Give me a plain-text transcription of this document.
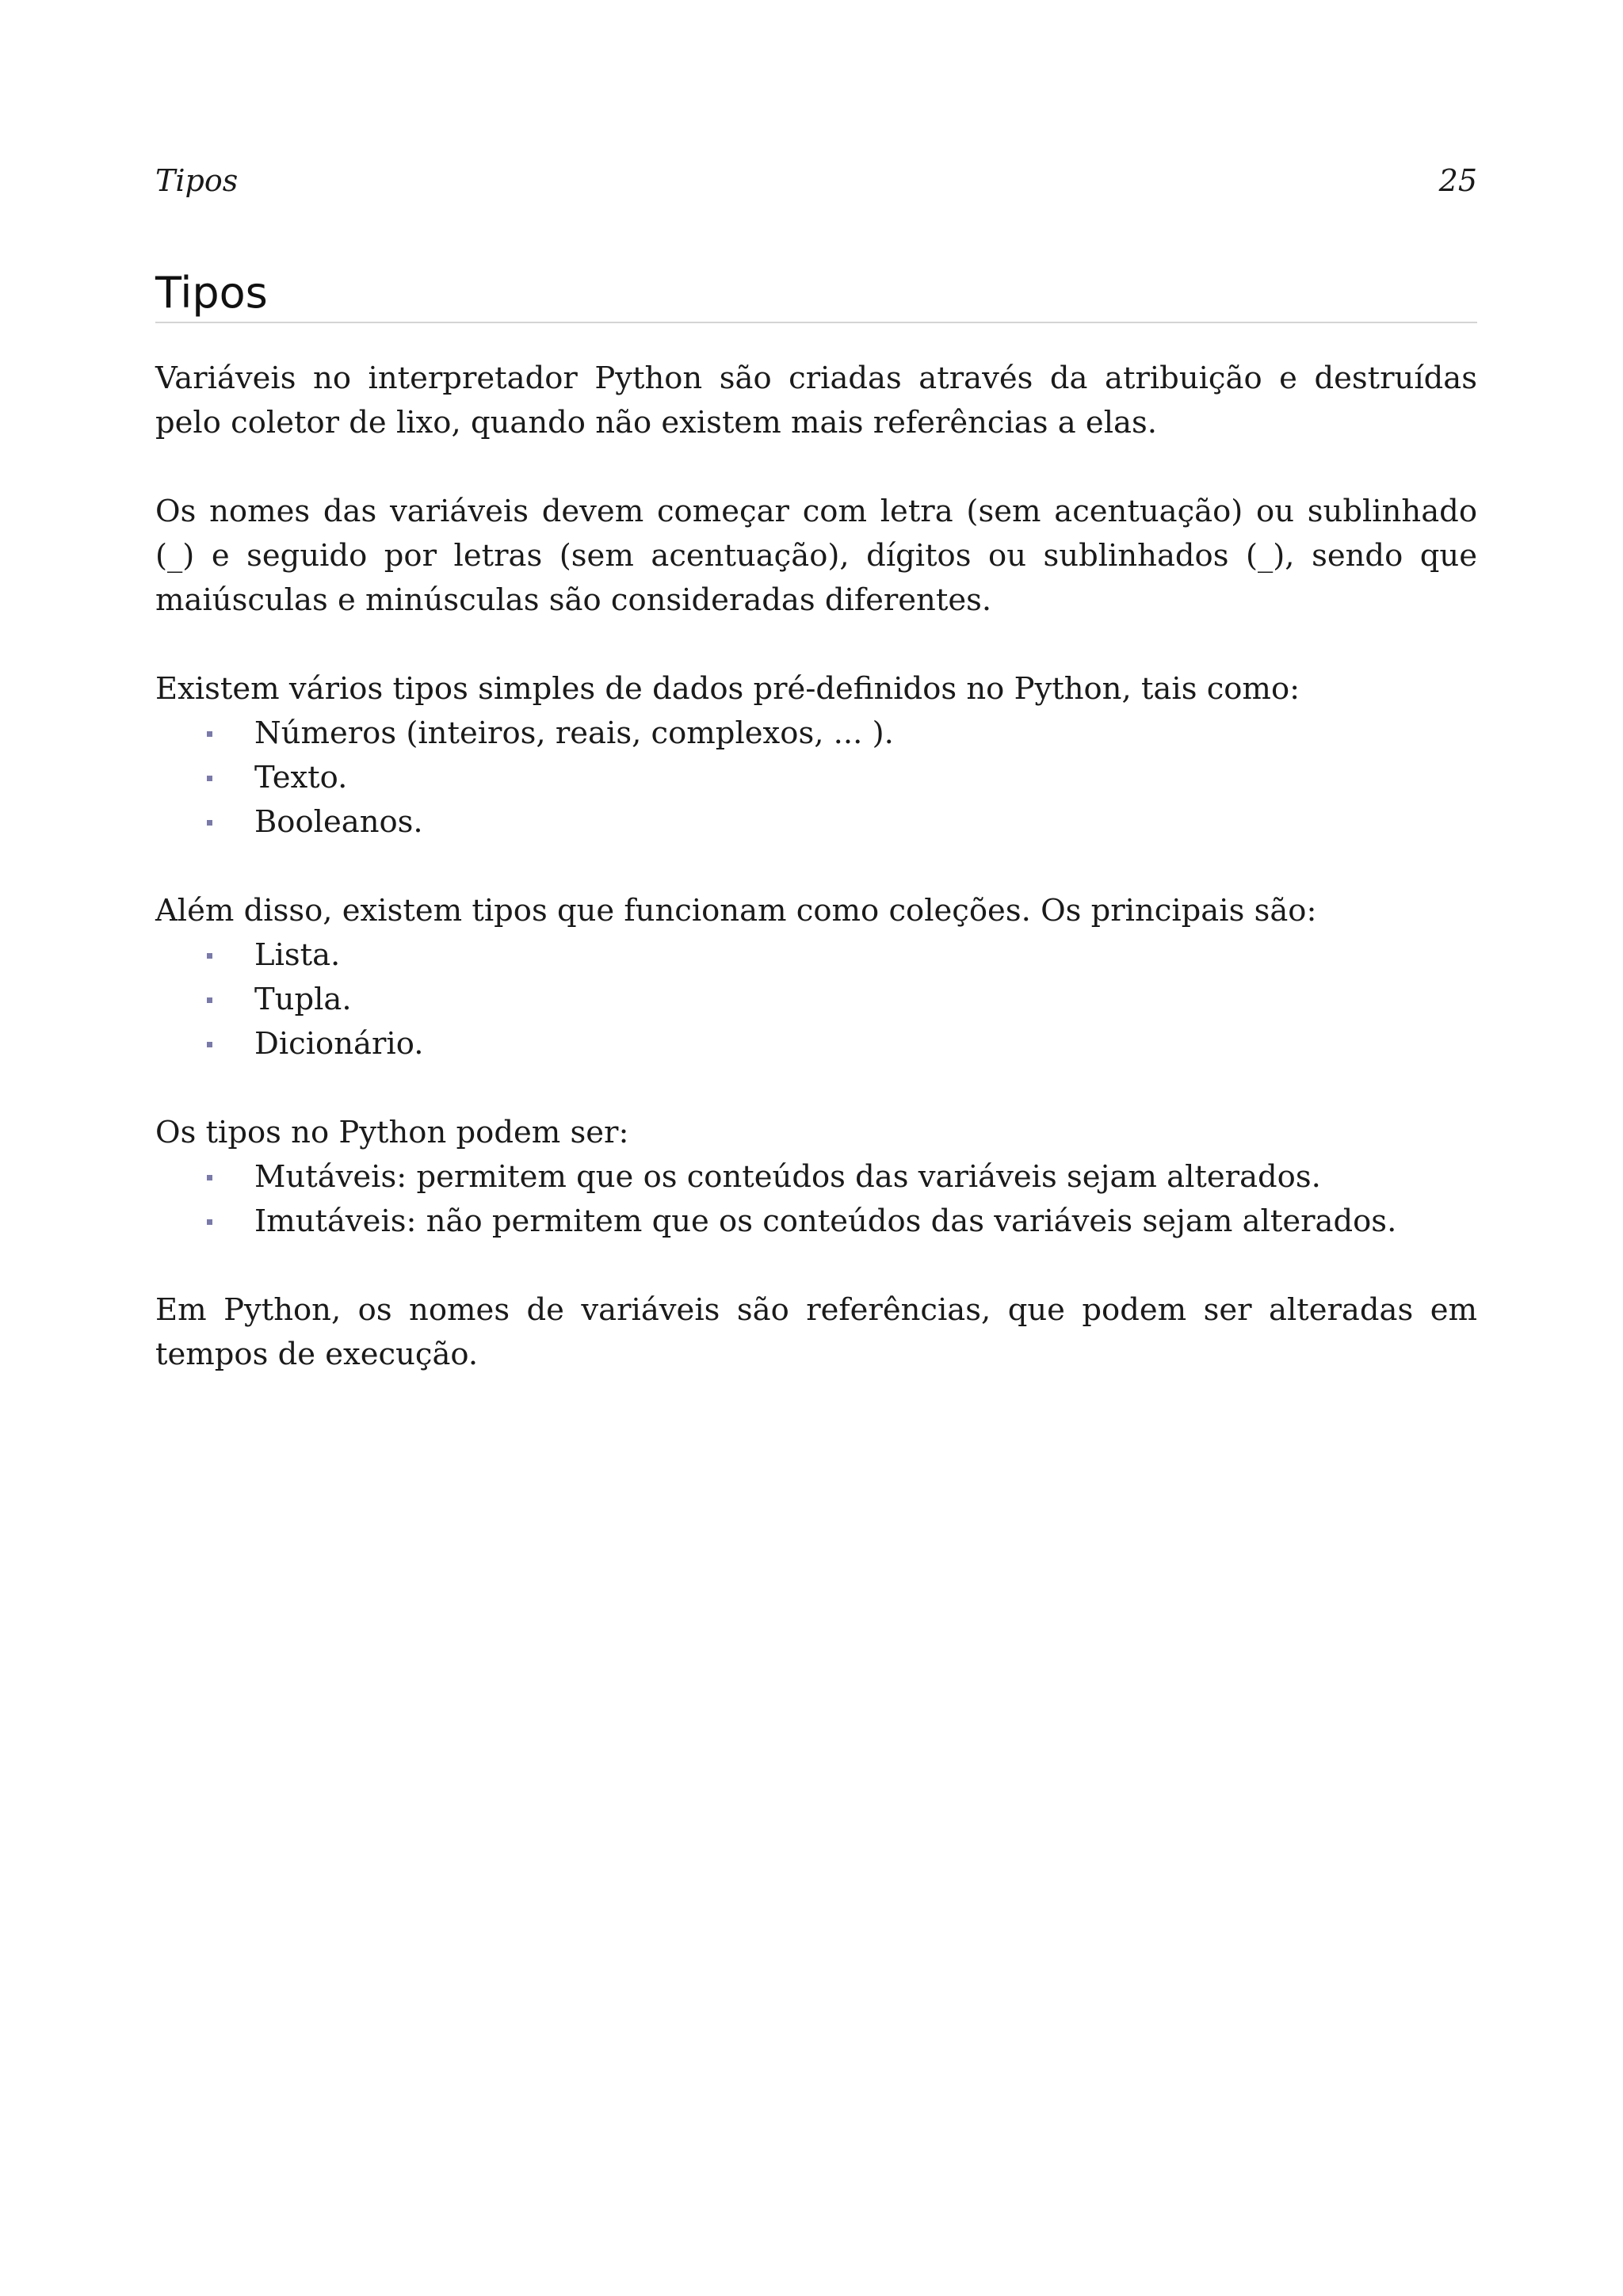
Tipos	25
Tipos

Variáveis no interpretador Python são criadas através da atribuição e destruídas pelo coletor de lixo, quando não existem mais referências a elas.

Os nomes das variáveis devem começar com letra (sem acentuação) ou sublinhado (_) e seguido por letras (sem acentuação), dígitos ou sublinhados (_), sendo que maiúsculas e minúsculas são consideradas diferentes.

Existem vários tipos simples de dados pré-definidos no Python, tais como:

Números (inteiros, reais, complexos, ... ).
Texto.
Booleanos.

Além disso, existem tipos que funcionam como coleções. Os principais são:

Lista.
Tupla.
Dicionário.

Os tipos no Python podem ser:

Mutáveis: permitem que os conteúdos das variáveis sejam alterados.
Imutáveis: não permitem que os conteúdos das variáveis sejam alterados.

Em Python, os nomes de variáveis são referências, que podem ser alteradas em tempos de execução.
